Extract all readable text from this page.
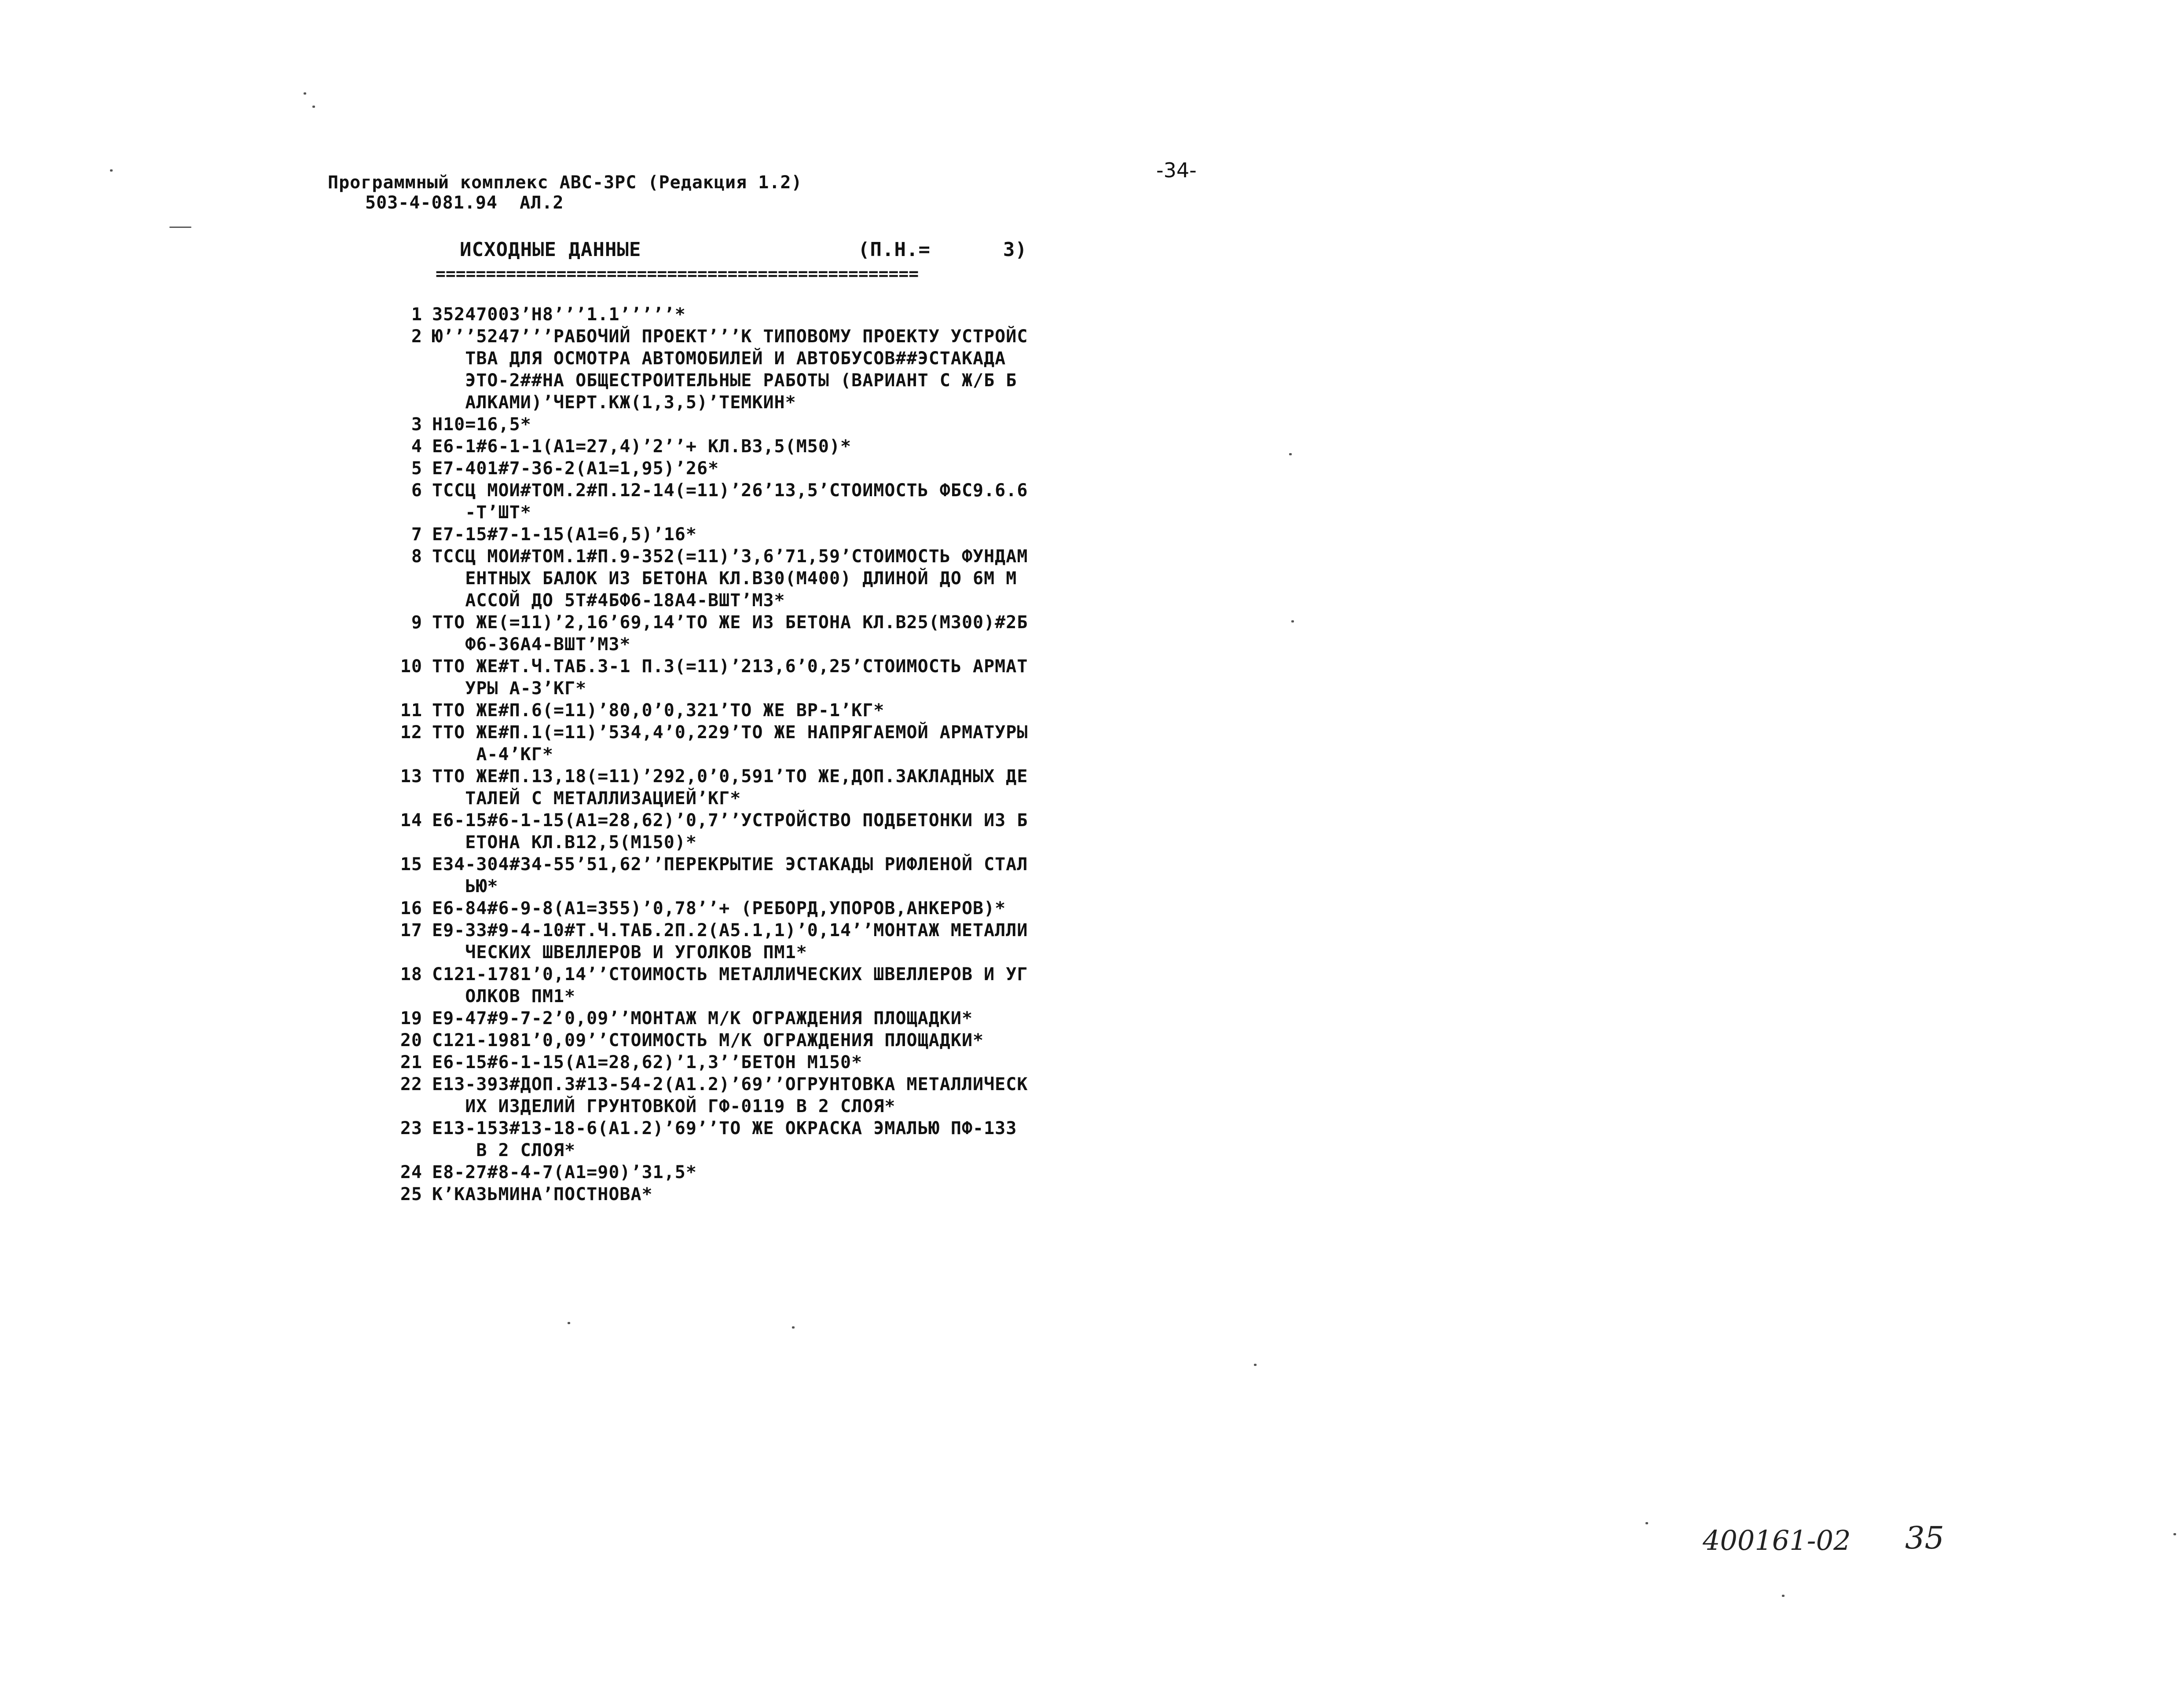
Программный комплекс АВС-ЗРС (Редакция 1.2)
503-4-081.94  АЛ.2
-34-
ИСХОДНЫЕ ДАННЫЕ	(П.Н.=      3)
================================================
1 35247003’Н8’’’1.1’’’’’*
2 Ю’’’5247’’’РАБОЧИЙ ПРОЕКТ’’’К ТИПОВОМУ ПРОЕКТУ УСТРОЙС
ТВА ДЛЯ ОСМОТРА АВТОМОБИЛЕЙ И АВТОБУСОВ##ЭСТАКАДА
ЭТО-2##НА ОБЩЕСТРОИТЕЛЬНЫЕ РАБОТЫ (ВАРИАНТ С Ж/Б Б
АЛКАМИ)’ЧЕРТ.КЖ(1,3,5)’ТЕМКИН*
3 Н10=16,5*
4 Е6-1#6-1-1(А1=27,4)’2’’+ КЛ.В3,5(М50)*
5 Е7-401#7-36-2(А1=1,95)’26*
6 ТССЦ МОИ#ТОМ.2#П.12-14(=11)’26’13,5’СТОИМОСТЬ ФБС9.6.6
-Т’ШТ*
7 Е7-15#7-1-15(А1=6,5)’16*
8 ТССЦ МОИ#ТОМ.1#П.9-352(=11)’3,6’71,59’СТОИМОСТЬ ФУНДАМ
ЕНТНЫХ БАЛОК ИЗ БЕТОНА КЛ.В30(М400) ДЛИНОЙ ДО 6М М
АССОЙ ДО 5Т#4БФ6-18А4-ВШТ’М3*
9 ТТО ЖЕ(=11)’2,16’69,14’ТО ЖЕ ИЗ БЕТОНА КЛ.В25(М300)#2Б
Ф6-36А4-ВШТ’М3*
10 ТТО ЖЕ#Т.Ч.ТАБ.3-1 П.3(=11)’213,6’0,25’СТОИМОСТЬ АРМАТ
УРЫ А-3’КГ*
11 ТТО ЖЕ#П.6(=11)’80,0’0,321’ТО ЖЕ ВР-1’КГ*
12 ТТО ЖЕ#П.1(=11)’534,4’0,229’ТО ЖЕ НАПРЯГАЕМОЙ АРМАТУРЫ
А-4’КГ*
13 ТТО ЖЕ#П.13,18(=11)’292,0’0,591’ТО ЖЕ,ДОП.ЗАКЛАДНЫХ ДЕ
ТАЛЕЙ С МЕТАЛЛИЗАЦИЕЙ’КГ*
14 Е6-15#6-1-15(А1=28,62)’0,7’’УСТРОЙСТВО ПОДБЕТОНКИ ИЗ Б
ЕТОНА КЛ.В12,5(М150)*
15 Е34-304#34-55’51,62’’ПЕРЕКРЫТИЕ ЭСТАКАДЫ РИФЛЕНОЙ СТАЛ
ЬЮ*
16 Е6-84#6-9-8(А1=355)’0,78’’+ (РЕБОРД,УПОРОВ,АНКЕРОВ)*
17 Е9-33#9-4-10#Т.Ч.ТАБ.2П.2(А5.1,1)’0,14’’МОНТАЖ МЕТАЛЛИ
ЧЕСКИХ ШВЕЛЛЕРОВ И УГОЛКОВ ПМ1*
18 С121-1781’0,14’’СТОИМОСТЬ МЕТАЛЛИЧЕСКИХ ШВЕЛЛЕРОВ И УГ
ОЛКОВ ПМ1*
19 Е9-47#9-7-2’0,09’’МОНТАЖ М/К ОГРАЖДЕНИЯ ПЛОЩАДКИ*
20 С121-1981’0,09’’СТОИМОСТЬ М/К ОГРАЖДЕНИЯ ПЛОЩАДКИ*
21 Е6-15#6-1-15(А1=28,62)’1,3’’БЕТОН М150*
22 Е13-393#ДОП.3#13-54-2(А1.2)’69’’ОГРУНТОВКА МЕТАЛЛИЧЕСК
ИХ ИЗДЕЛИЙ ГРУНТОВКОЙ ГФ-0119 В 2 СЛОЯ*
23 Е13-153#13-18-6(А1.2)’69’’ТО ЖЕ ОКРАСКА ЭМАЛЬЮ ПФ-133
В 2 СЛОЯ*
24 Е8-27#8-4-7(А1=90)’31,5*
25 К’КАЗЬМИНА’ПОСТНОВА*
400161-02 35
